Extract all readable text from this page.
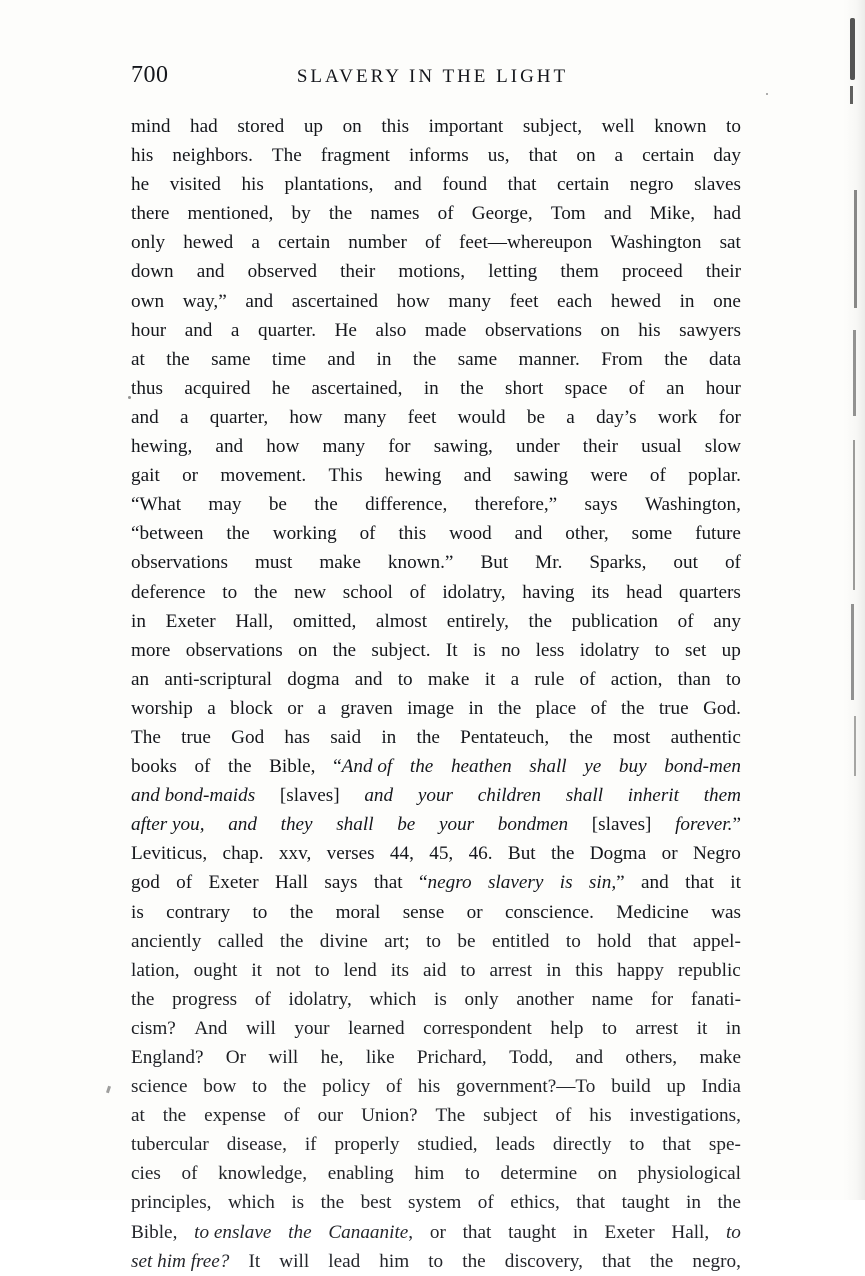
700	SLAVERY IN THE LIGHT

mind had stored up on this important subject, well known to
his neighbors. The fragment informs us, that on a certain day
he visited his plantations, and found that certain negro slaves
there mentioned, by the names of George, Tom and Mike, had
only hewed a certain number of feet—whereupon Washington sat
down and observed their motions, letting them proceed their
own way,” and ascertained how many feet each hewed in one
hour and a quarter. He also made observations on his sawyers
at the same time and in the same manner. From the data
thus acquired he ascertained, in the short space of an hour
and a quarter, how many feet would be a day’s work for
hewing, and how many for sawing, under their usual slow
gait or movement. This hewing and sawing were of poplar.
“What may be the difference, therefore,” says Washington,
“between the working of this wood and other, some future
observations must make known.” But Mr. Sparks, out of
deference to the new school of idolatry, having its head quarters
in Exeter Hall, omitted, almost entirely, the publication of any
more observations on the subject. It is no less idolatry to set up
an anti-scriptural dogma and to make it a rule of action, than to
worship a block or a graven image in the place of the true God.
The true God has said in the Pentateuch, the most authentic
books of the Bible, “And of the heathen shall ye buy bond-men
and bond-maids [slaves] and your children shall inherit them
after you, and they shall be your bondmen [slaves] forever.”
Leviticus, chap. xxv, verses 44, 45, 46. But the Dogma or Negro
god of Exeter Hall says that “negro slavery is sin,” and that it
is contrary to the moral sense or conscience. Medicine was
anciently called the divine art; to be entitled to hold that appel-
lation, ought it not to lend its aid to arrest in this happy republic
the progress of idolatry, which is only another name for fanati-
cism? And will your learned correspondent help to arrest it in
England? Or will he, like Prichard, Todd, and others, make
science bow to the policy of his government?—To build up India
at the expense of our Union? The subject of his investigations,
tubercular disease, if properly studied, leads directly to that spe-
cies of knowledge, enabling him to determine on physiological
principles, which is the best system of ethics, that taught in the
Bible, to enslave the Canaanite, or that taught in Exeter Hall, to
set him free? It will lead him to the discovery, that the negro,
